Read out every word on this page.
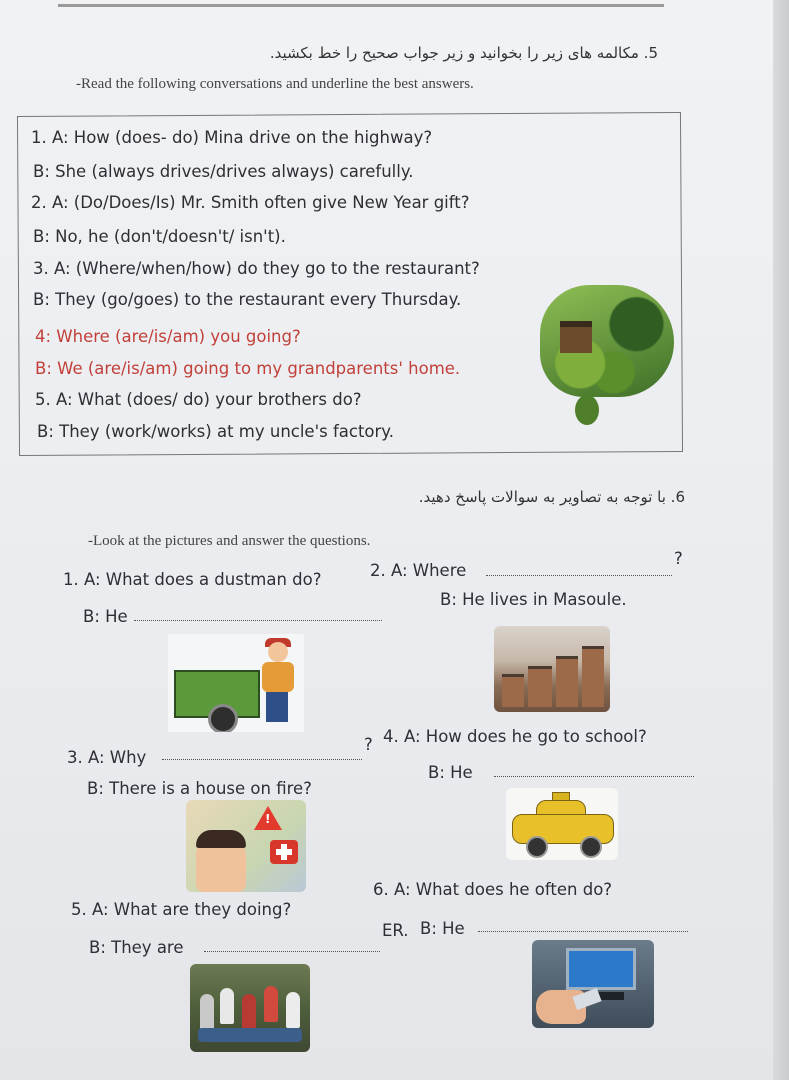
5. مکالمه های زیر را بخوانید و زیر جواب صحیح را خط بکشید.
-Read the following conversations and underline the best answers.
1. A: How (does- do) Mina drive on the highway?
B: She (always drives/drives always) carefully.
2. A: (Do/Does/Is) Mr. Smith often give New Year gift?
B: No, he (don't/doesn't/ isn't).
3. A: (Where/when/how) do they go to the restaurant?
B: They (go/goes) to the restaurant every Thursday.
4: Where (are/is/am) you going?
B: We (are/is/am) going to my grandparents' home.
5. A: What (does/ do) your brothers do?
B: They (work/works) at my uncle's factory.
6. با توجه به تصاویر به سوالات پاسخ دهید.
-Look at the pictures and answer the questions.
1. A: What does a dustman do?	2. A: Where
?
B: He
B: He lives in Masoule.
3. A: Why
? 4. A: How does he go to school?
B: There is a house on fire?
B: He
!
5. A: What are they doing?
6. A: What does he often do?
B: They are
ER. B: He
